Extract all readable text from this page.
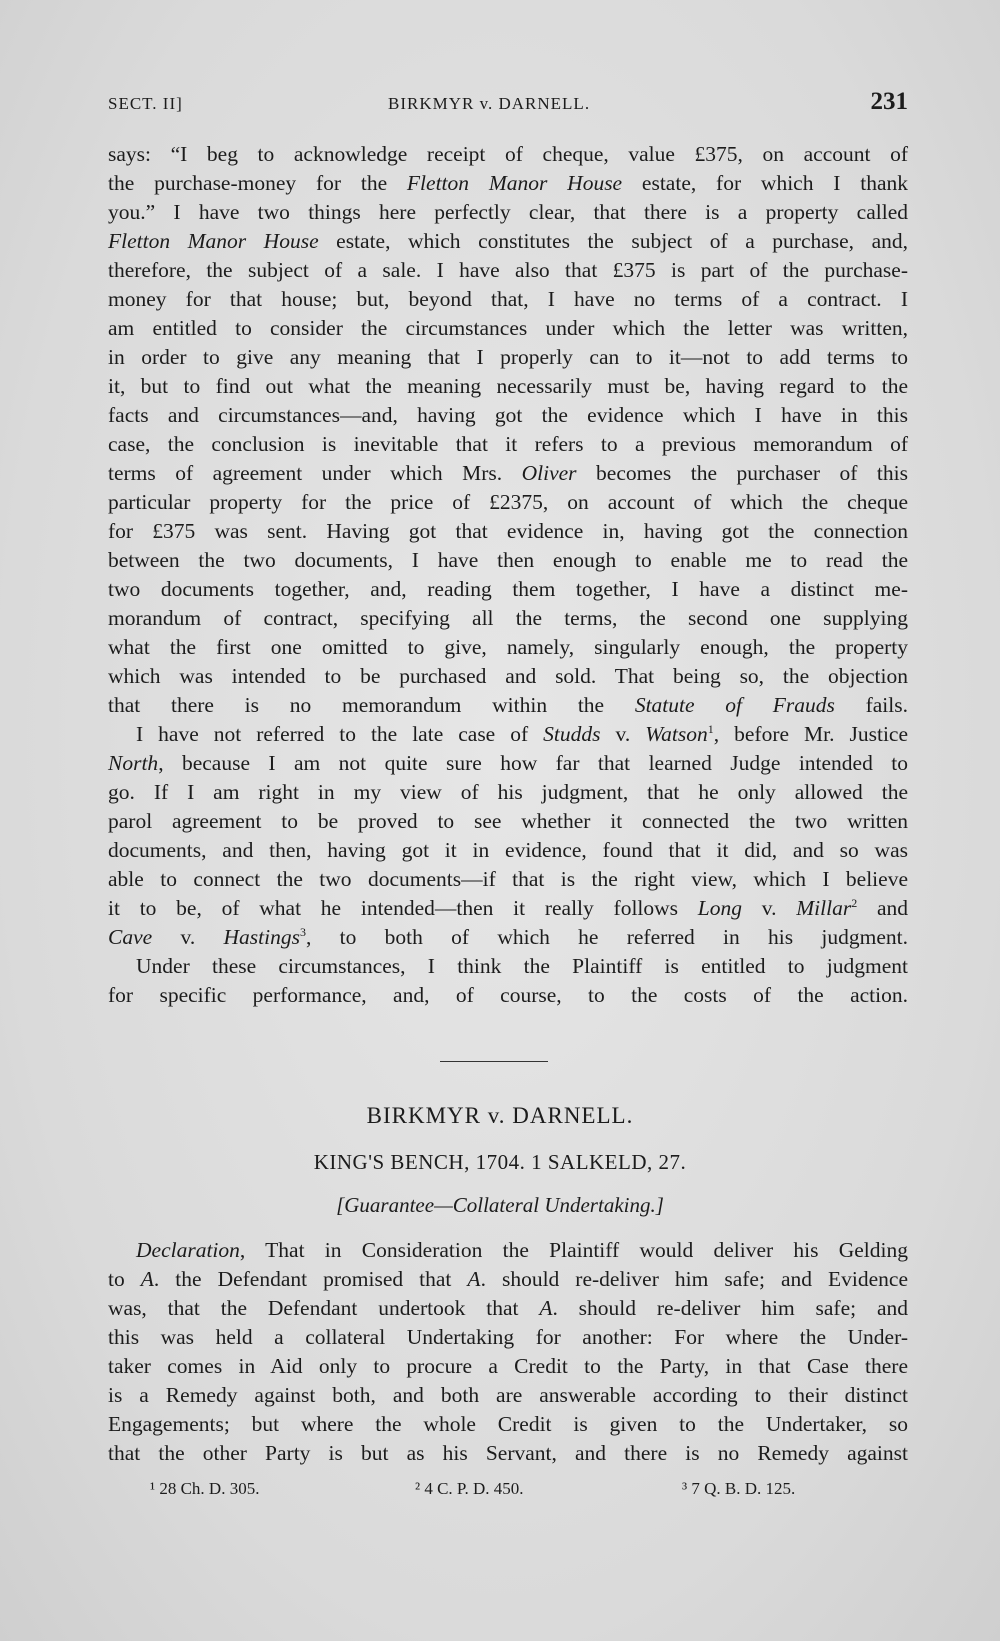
SECT. II]	BIRKMYR v. DARNELL.	231

says: “I beg to acknowledge receipt of cheque, value £375, on account of

the purchase-money for the Fletton Manor House estate, for which I thank

you.” I have two things here perfectly clear, that there is a property called

Fletton Manor House estate, which constitutes the subject of a purchase, and,

therefore, the subject of a sale. I have also that £375 is part of the purchase-

money for that house; but, beyond that, I have no terms of a contract. I

am entitled to consider the circumstances under which the letter was written,

in order to give any meaning that I properly can to it—not to add terms to

it, but to find out what the meaning necessarily must be, having regard to the

facts and circumstances—and, having got the evidence which I have in this

case, the conclusion is inevitable that it refers to a previous memorandum of

terms of agreement under which Mrs. Oliver becomes the purchaser of this

particular property for the price of £2375, on account of which the cheque

for £375 was sent. Having got that evidence in, having got the connection

between the two documents, I have then enough to enable me to read the

two documents together, and, reading them together, I have a distinct me-

morandum of contract, specifying all the terms, the second one supplying

what the first one omitted to give, namely, singularly enough, the property

which was intended to be purchased and sold. That being so, the objection

that there is no memorandum within the Statute of Frauds fails.

I have not referred to the late case of Studds v. Watson$^1$, before Mr. Justice

North, because I am not quite sure how far that learned Judge intended to

go. If I am right in my view of his judgment, that he only allowed the

parol agreement to be proved to see whether it connected the two written

documents, and then, having got it in evidence, found that it did, and so was

able to connect the two documents—if that is the right view, which I believe

it to be, of what he intended—then it really follows Long v. Millar$^2$ and

Cave v. Hastings$^3$, to both of which he referred in his judgment.

Under these circumstances, I think the Plaintiff is entitled to judgment

for specific performance, and, of course, to the costs of the action.

BIRKMYR v. DARNELL.
KING'S BENCH, 1704. 1 SALKELD, 27.
[Guarantee—Collateral Undertaking.]

Declaration, That in Consideration the Plaintiff would deliver his Gelding

to A. the Defendant promised that A. should re-deliver him safe; and Evidence

was, that the Defendant undertook that A. should re-deliver him safe; and

this was held a collateral Undertaking for another: For where the Under-

taker comes in Aid only to procure a Credit to the Party, in that Case there

is a Remedy against both, and both are answerable according to their distinct

Engagements; but where the whole Credit is given to the Undertaker, so

that the other Party is but as his Servant, and there is no Remedy against

¹ 28 Ch. D. 305.	² 4 C. P. D. 450.	³ 7 Q. B. D. 125.
